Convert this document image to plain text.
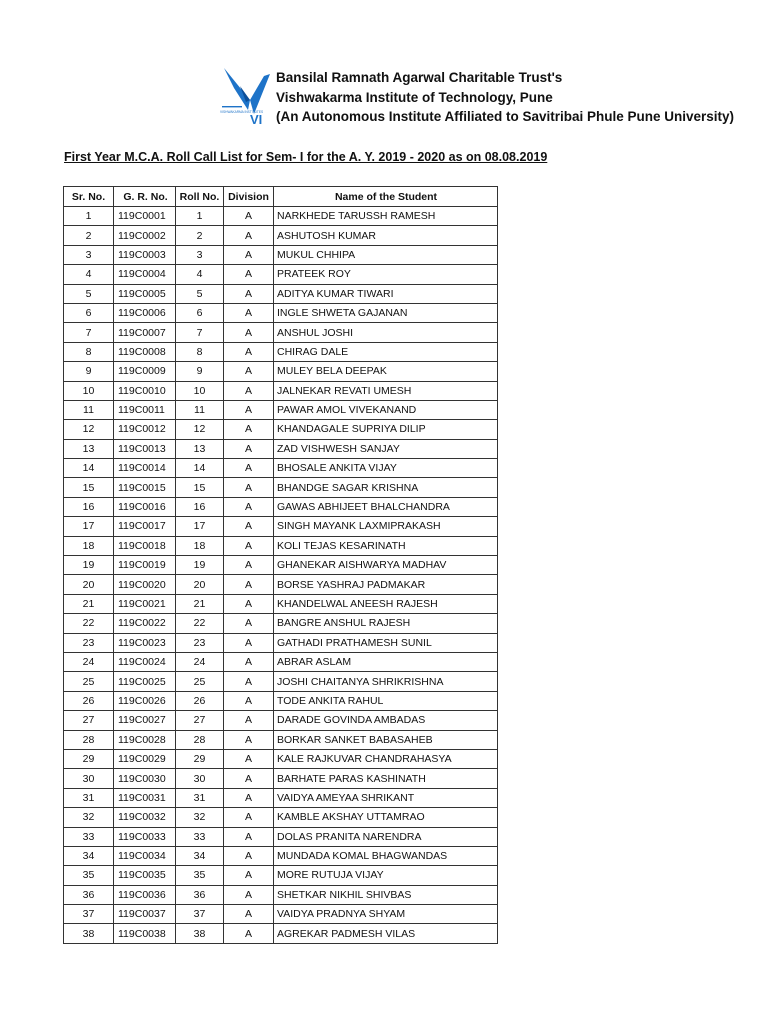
VI
VISHWAKARMA INSTITUTES
Bansilal Ramnath Agarwal Charitable Trust's
Vishwakarma Institute of Technology, Pune
(An Autonomous Institute Affiliated to Savitribai Phule Pune University)
First Year M.C.A. Roll Call List for Sem- I for the A. Y. 2019 - 2020 as on 08.08.2019
Sr. No.	G. R. No.	Roll No.	Division	Name of the Student
1	119C0001	1	A	NARKHEDE TARUSSH RAMESH
2	119C0002	2	A	ASHUTOSH KUMAR
3	119C0003	3	A	MUKUL CHHIPA
4	119C0004	4	A	PRATEEK ROY
5	119C0005	5	A	ADITYA KUMAR TIWARI
6	119C0006	6	A	INGLE SHWETA GAJANAN
7	119C0007	7	A	ANSHUL JOSHI
8	119C0008	8	A	CHIRAG DALE
9	119C0009	9	A	MULEY BELA DEEPAK
10	119C0010	10	A	JALNEKAR REVATI UMESH
11	119C0011	11	A	PAWAR AMOL VIVEKANAND
12	119C0012	12	A	KHANDAGALE SUPRIYA DILIP
13	119C0013	13	A	ZAD VISHWESH SANJAY
14	119C0014	14	A	BHOSALE ANKITA VIJAY
15	119C0015	15	A	BHANDGE SAGAR KRISHNA
16	119C0016	16	A	GAWAS ABHIJEET BHALCHANDRA
17	119C0017	17	A	SINGH MAYANK LAXMIPRAKASH
18	119C0018	18	A	KOLI TEJAS KESARINATH
19	119C0019	19	A	GHANEKAR AISHWARYA MADHAV
20	119C0020	20	A	BORSE YASHRAJ PADMAKAR
21	119C0021	21	A	KHANDELWAL ANEESH RAJESH
22	119C0022	22	A	BANGRE ANSHUL RAJESH
23	119C0023	23	A	GATHADI PRATHAMESH SUNIL
24	119C0024	24	A	ABRAR ASLAM
25	119C0025	25	A	JOSHI CHAITANYA SHRIKRISHNA
26	119C0026	26	A	TODE ANKITA RAHUL
27	119C0027	27	A	DARADE GOVINDA AMBADAS
28	119C0028	28	A	BORKAR SANKET BABASAHEB
29	119C0029	29	A	KALE RAJKUVAR CHANDRAHASYA
30	119C0030	30	A	BARHATE PARAS KASHINATH
31	119C0031	31	A	VAIDYA AMEYAA SHRIKANT
32	119C0032	32	A	KAMBLE AKSHAY UTTAMRAO
33	119C0033	33	A	DOLAS PRANITA NARENDRA
34	119C0034	34	A	MUNDADA KOMAL BHAGWANDAS
35	119C0035	35	A	MORE RUTUJA VIJAY
36	119C0036	36	A	SHETKAR NIKHIL SHIVBAS
37	119C0037	37	A	VAIDYA PRADNYA SHYAM
38	119C0038	38	A	AGREKAR PADMESH VILAS
